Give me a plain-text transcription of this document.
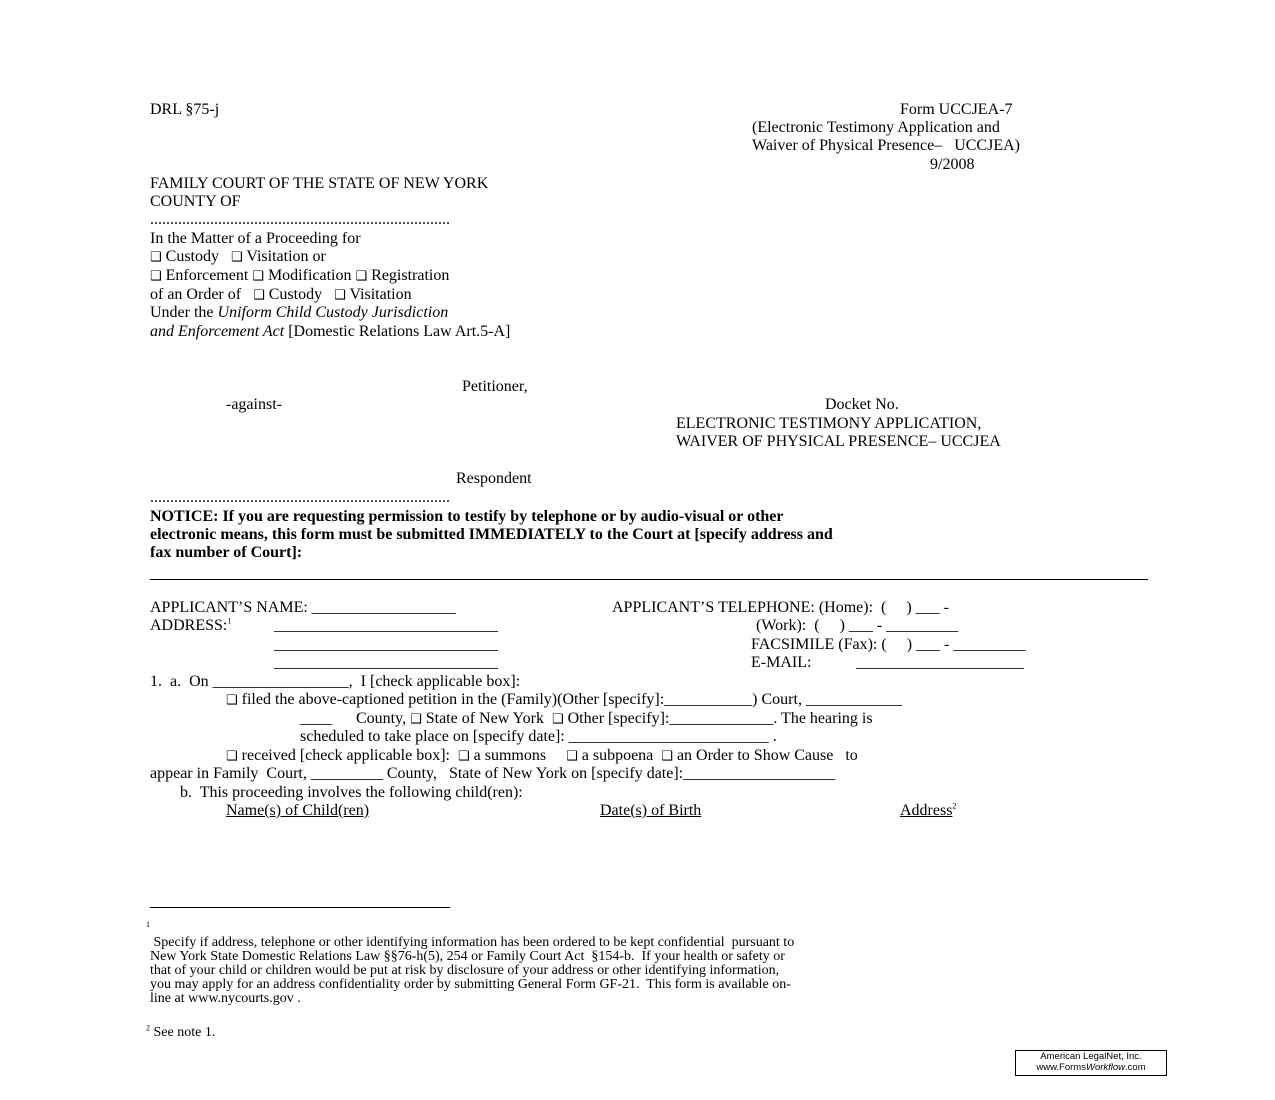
DRL §75-j	Form UCCJEA-7
(Electronic Testimony Application and
Waiver of Physical Presence–   UCCJEA)
9/2008
FAMILY COURT OF THE STATE OF NEW YORK
COUNTY OF
...........................................................................
In the Matter of a Proceeding for
❑ Custody ❑ Visitation or
❑ Enforcement ❑ Modification ❑ Registration
of an Order of ❑ Custody ❑ Visitation
Under the Uniform Child Custody Jurisdiction
and Enforcement Act [Domestic Relations Law Art.5-A]
Petitioner,
-against-	Docket No.
ELECTRONIC TESTIMONY APPLICATION,
WAIVER OF PHYSICAL PRESENCE– UCCJEA
Respondent
...........................................................................
NOTICE: If you are requesting permission to testify by telephone or by audio-visual or other
electronic means, this form must be submitted IMMEDIATELY to the Court at [specify address and
fax number of Court]:
APPLICANT’S NAME: __________________	APPLICANT’S TELEPHONE: (Home):  (     ) ___ -
ADDRESS:$^1$	____________________________	(Work):  (     ) ___ - _________
____________________________	FACSIMILE (Fax): (     ) ___ - _________
____________________________	E-MAIL:	_____________________
1.  a.  On _________________,  I [check applicable box]:
❑ filed the above-captioned petition in the (Family)(Other [specify]:___________) Court, ____________
____ County, ❑ State of New York ❑ Other [specify]:_____________. The hearing is
scheduled to take place on [specify date]: _________________________ .
❑ received [check applicable box]: ❑ a summons ❑ a subpoena ❑ an Order to Show Cause to
appear in Family  Court, _________ County,   State of New York on [specify date]:___________________
b.  This proceeding involves the following child(ren):
Name(s) of Child(ren)	Date(s) of Birth	Address$^2$
1
Specify if address, telephone or other identifying information has been ordered to be kept confidential  pursuant to
New York State Domestic Relations Law §§76-h(5), 254 or Family Court Act  §154-b.  If your health or safety or
that of your child or children would be put at risk by disclosure of your address or other identifying information,
you may apply for an address confidentiality order by submitting General Form GF-21.  This form is available on-
line at www.nycourts.gov .
$^2$ See note 1.
American LegalNet, Inc.
www.FormsWorkflow.com
